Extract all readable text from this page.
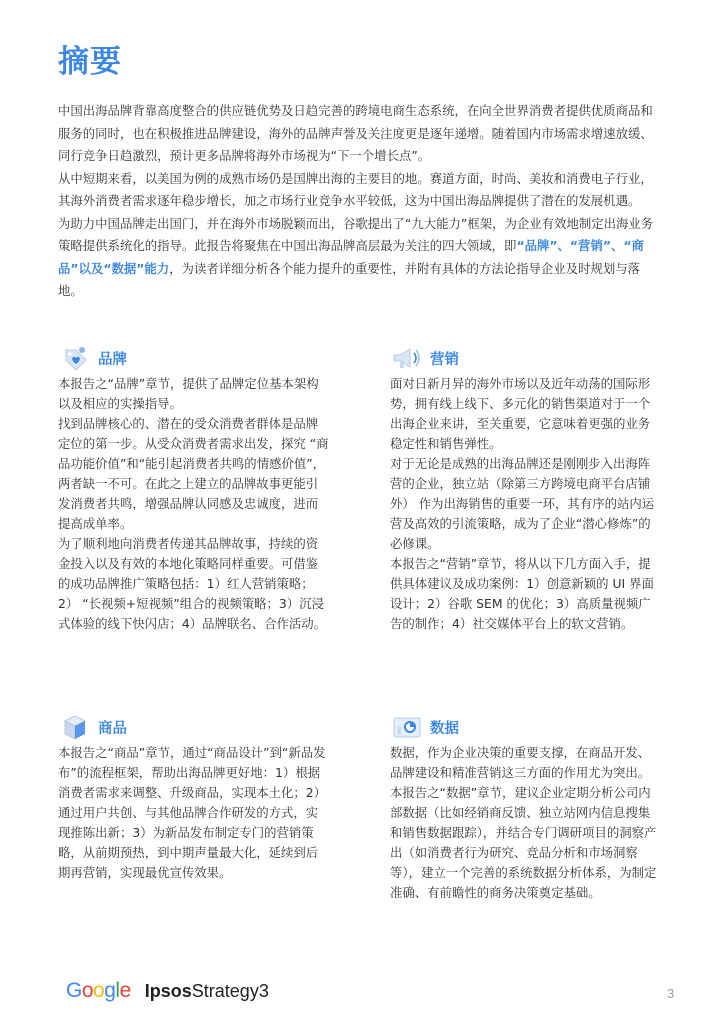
摘要

中国出海品牌背靠高度整合的供应链优势及日趋完善的跨境电商生态系统，在向全世界消费者提供优质商品和服务的同时，也在积极推进品牌建设，海外的品牌声誉及关注度更是逐年递增。随着国内市场需求增速放缓、同行竞争日趋激烈，预计更多品牌将海外市场视为“下一个增长点”。

从中短期来看，以美国为例的成熟市场仍是国牌出海的主要目的地。赛道方面，时尚、美妆和消费电子行业，其海外消费者需求逐年稳步增长，加之市场行业竞争水平较低，这为中国出海品牌提供了潜在的发展机遇。

为助力中国品牌走出国门，并在海外市场脱颖而出，谷歌提出了“九大能力”框架，为企业有效地制定出海业务策略提供系统化的指导。此报告将聚焦在中国出海品牌高层最为关注的四大领域，即“品牌”、“营销”、“商品”以及“数据”能力，为读者详细分析各个能力提升的重要性，并附有具体的方法论指导企业及时规划与落地。

品牌

本报告之“品牌”章节，提供了品牌定位基本架构以及相应的实操指导。

找到品牌核心的、潜在的受众消费者群体是品牌定位的第一步。从受众消费者需求出发，探究 “商品功能价值”和“能引起消费者共鸣的情感价值”，两者缺一不可。在此之上建立的品牌故事更能引发消费者共鸣，增强品牌认同感及忠诚度，进而提高成单率。

为了顺利地向消费者传递其品牌故事，持续的资金投入以及有效的本地化策略同样重要。可借鉴的成功品牌推广策略包括：1）红人营销策略；2） “长视频+短视频”组合的视频策略；3）沉浸式体验的线下快闪店；4）品牌联名、合作活动。

营销

面对日新月异的海外市场以及近年动荡的国际形势，拥有线上线下、多元化的销售渠道对于一个出海企业来讲，至关重要，它意味着更强的业务稳定性和销售弹性。

对于无论是成熟的出海品牌还是刚刚步入出海阵营的企业，独立站（除第三方跨境电商平台店铺外） 作为出海销售的重要一环，其有序的站内运营及高效的引流策略，成为了企业“潜心修炼”的必修课。

本报告之“营销”章节，将从以下几方面入手，提供具体建议及成功案例：1）创意新颖的 UI 界面设计；2）谷歌 SEM 的优化；3）高质量视频广告的制作；4）社交媒体平台上的软文营销。

商品

本报告之“商品”章节，通过“商品设计”到“新品发布”的流程框架，帮助出海品牌更好地：1）根据消费者需求来调整、升级商品，实现本土化；2）通过用户共创、与其他品牌合作研发的方式，实现推陈出新；3）为新品发布制定专门的营销策略，从前期预热，到中期声量最大化，延续到后期再营销，实现最优宣传效果。

数据

数据，作为企业决策的重要支撑，在商品开发、品牌建设和精准营销这三方面的作用尤为突出。

本报告之“数据”章节，建议企业定期分析公司内部数据（比如经销商反馈、独立站网内信息搜集和销售数据跟踪），并结合专门调研项目的洞察产出（如消费者行为研究、竞品分析和市场洞察等），建立一个完善的系统数据分析体系，为制定准确、有前瞻性的商务决策奠定基础。

Google IpsosStrategy3	3
